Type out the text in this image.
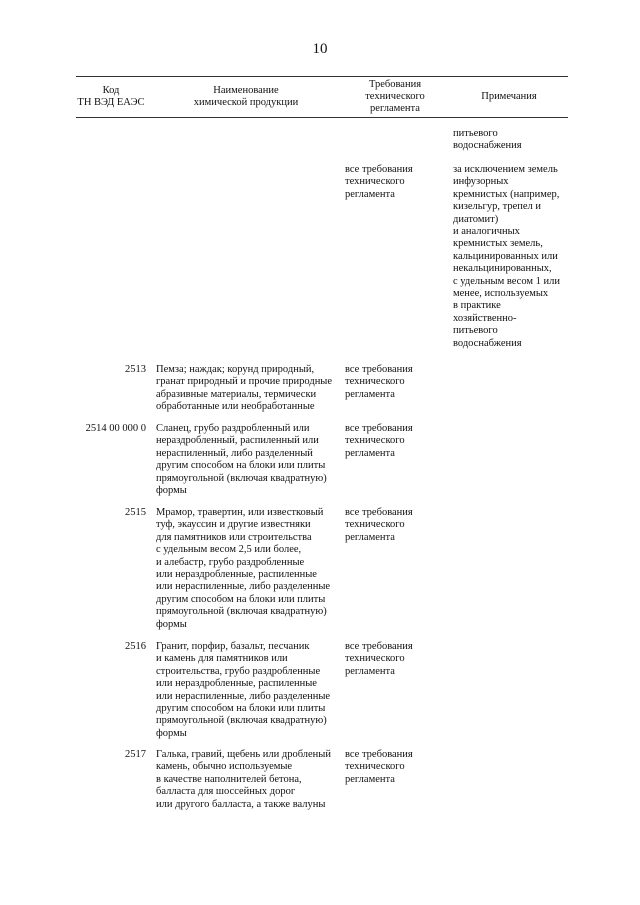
10
Код
ТН ВЭД ЕАЭС
Наименование
химической продукции
Требования
технического
регламента
Примечания
питьевого
водоснабжения
все требования
технического
регламента
за исключением земель
инфузорных
кремнистых (например,
кизельгур, трепел и
диатомит)
и аналогичных
кремнистых земель,
кальцинированных или
некальцинированных,
с удельным весом 1 или
менее, используемых
в практике
хозяйственно-
питьевого
водоснабжения
2513 Пемза; наждак; корунд природный,
гранат природный и прочие природные
абразивные материалы, термически
обработанные или необработанные
все требования
технического
регламента
2514 00 000 0 Сланец, грубо раздробленный или
нераздробленный, распиленный или
нераспиленный, либо разделенный
другим способом на блоки или плиты
прямоугольной (включая квадратную)
формы
все требования
технического
регламента
2515 Мрамор, травертин, или известковый
туф, экауссин и другие известняки
для памятников или строительства
с удельным весом 2,5 или более,
и алебастр, грубо раздробленные
или нераздробленные, распиленные
или нераспиленные, либо разделенные
другим способом на блоки или плиты
прямоугольной (включая квадратную)
формы
все требования
технического
регламента
2516 Гранит, порфир, базальт, песчаник
и камень для памятников или
строительства, грубо раздробленные
или нераздробленные, распиленные
или нераспиленные, либо разделенные
другим способом на блоки или плиты
прямоугольной (включая квадратную)
формы
все требования
технического
регламента
2517 Галька, гравий, щебень или дробленый
камень, обычно используемые
в качестве наполнителей бетона,
балласта для шоссейных дорог
или другого балласта, а также валуны
все требования
технического
регламента
